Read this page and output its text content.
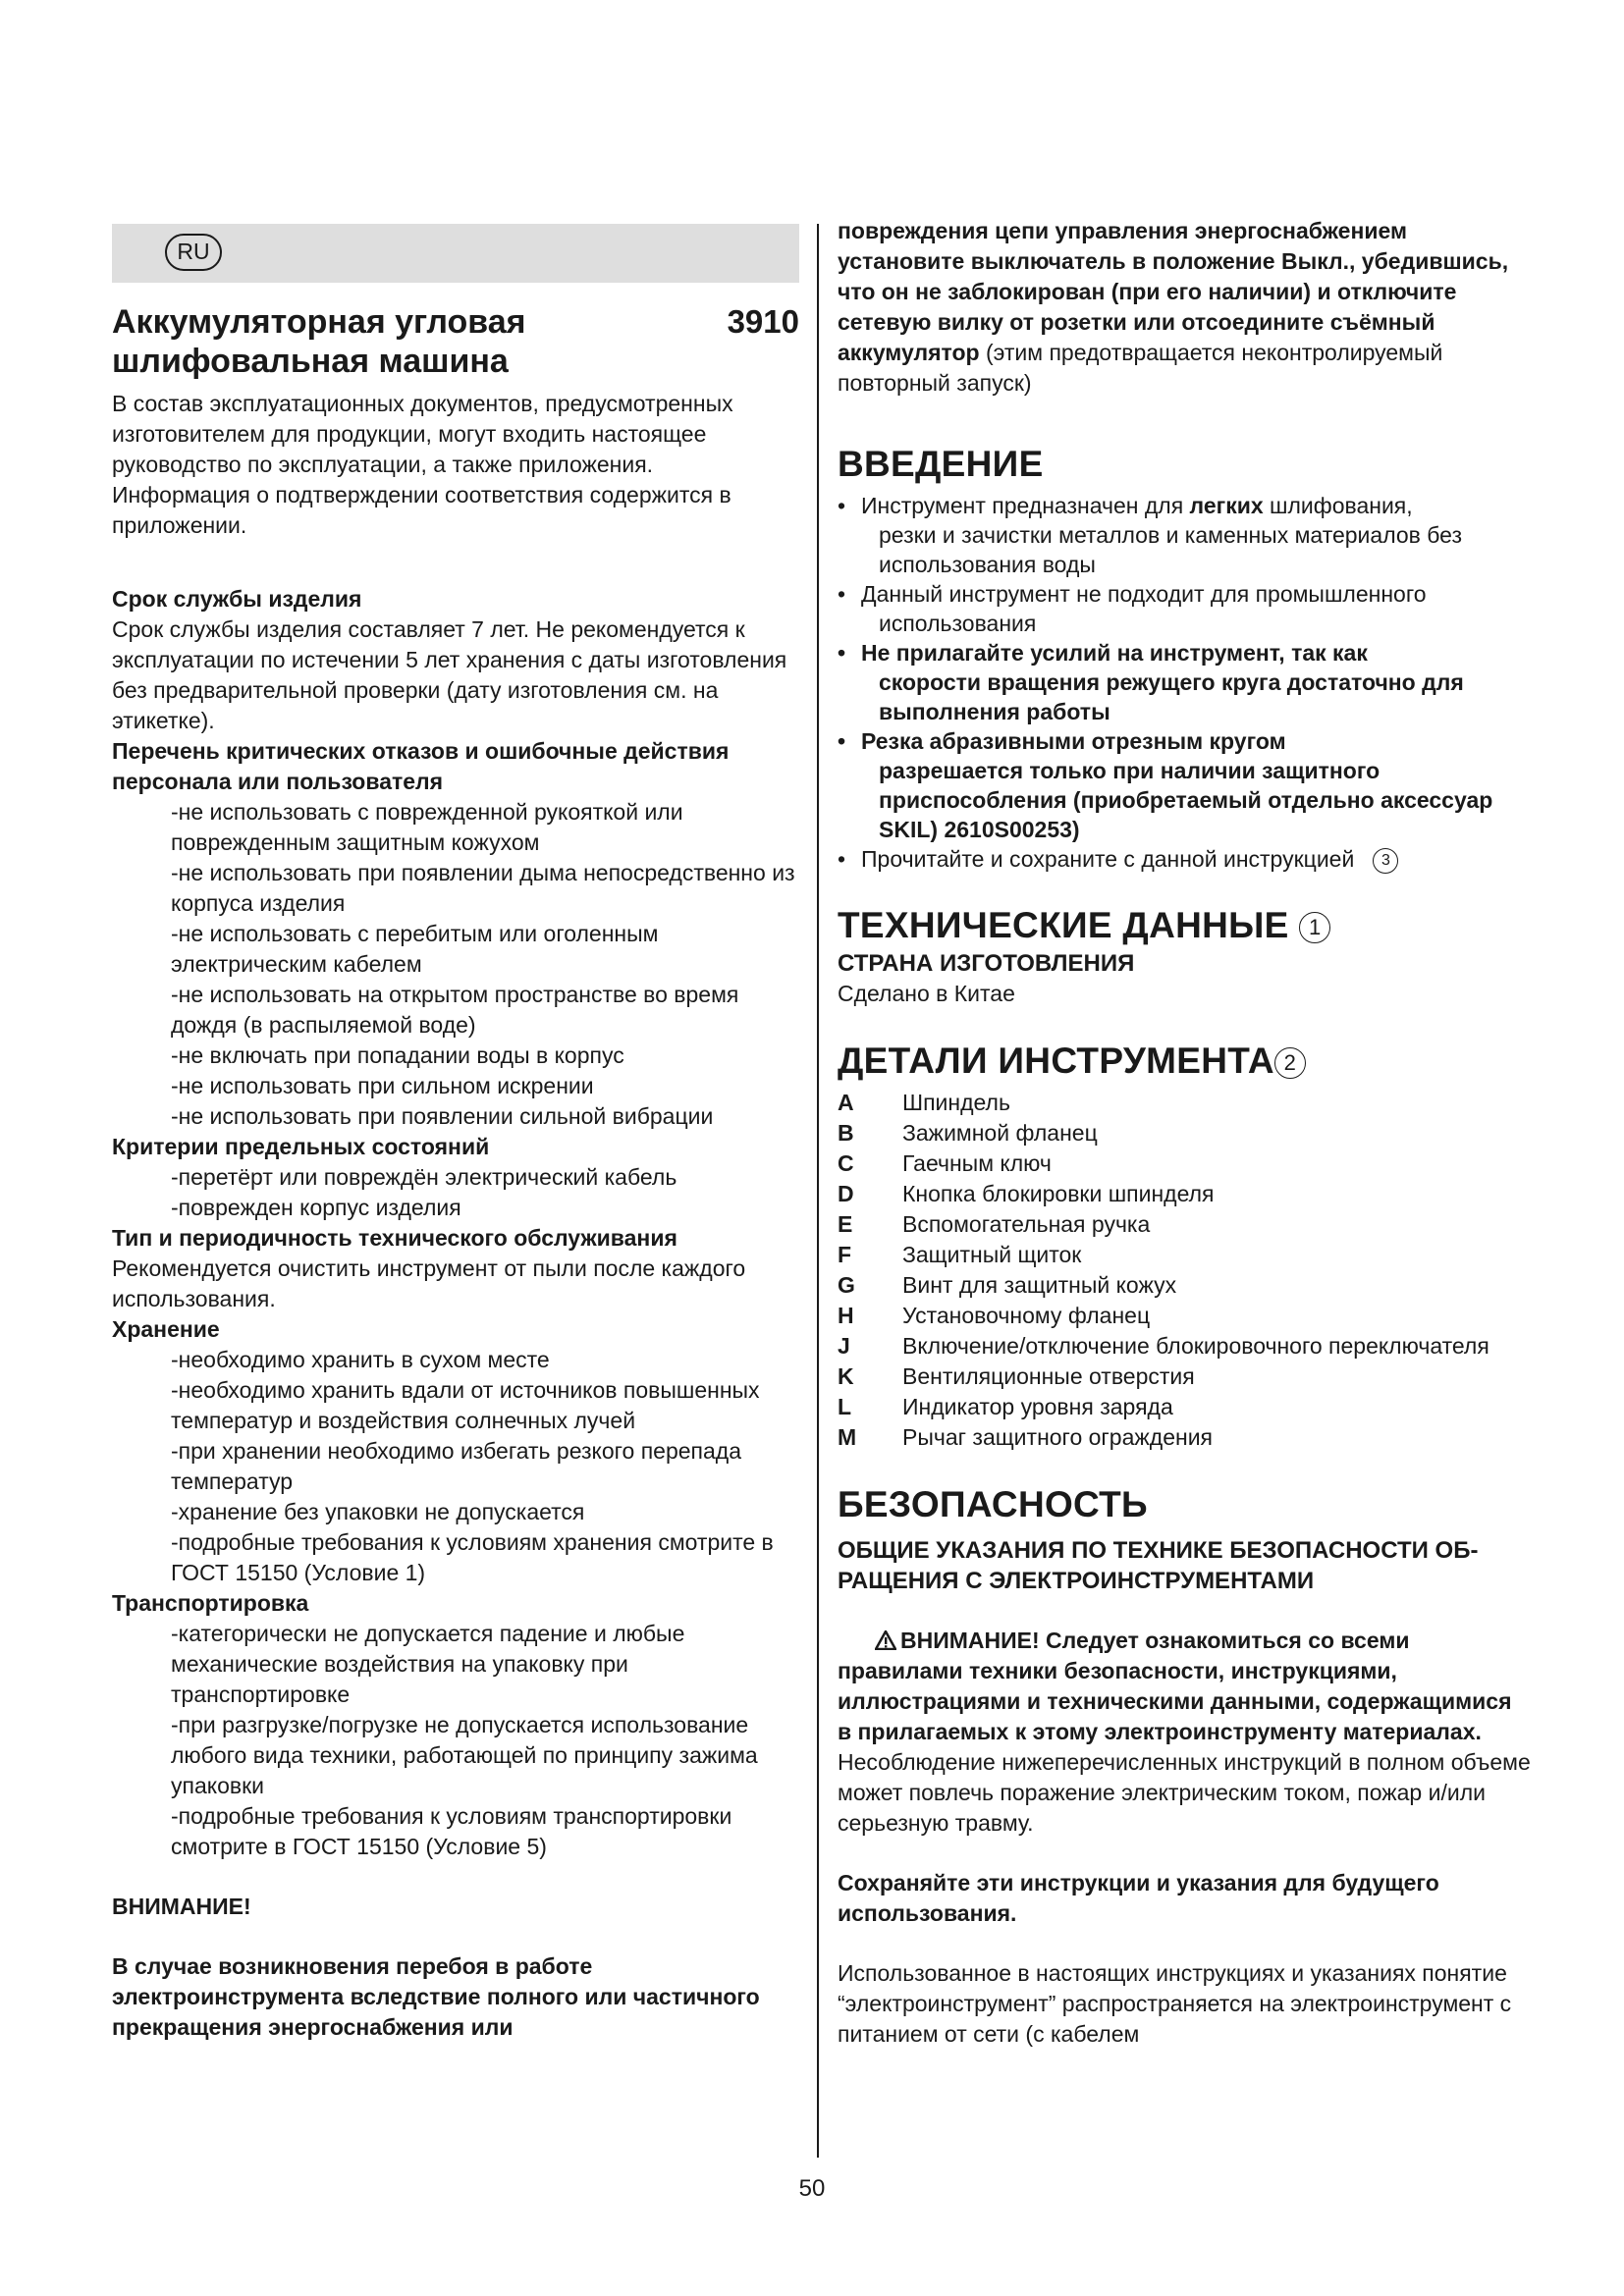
RU
Аккумуляторная угловая шлифовальная машина
3910

В состав эксплуатационных документов, предусмотренных изготовителем для продукции, могут входить настоящее руководство по эксплуатации, а также приложения.

Информация о подтверждении соответствия содержится в приложении.

Срок службы изделия

Срок службы изделия составляет 7 лет. Не рекомендуется к эксплуатации по истечении 5 лет хранения с даты изготовления без предварительной проверки (дату изготовления см. на этикетке).

Перечень критических отказов и ошибочные действия персонала или пользователя

-не использовать с поврежденной рукояткой или поврежденным защитным кожухом

-не использовать при появлении дыма непосредственно из корпуса изделия

-не использовать с перебитым или оголенным электрическим кабелем

-не использовать на открытом пространстве во время дождя (в распыляемой воде)

-не включать при попадании воды в корпус

-не использовать при сильном искрении

-не использовать при появлении сильной вибрации

Критерии предельных состояний

-перетёрт или повреждён электрический кабель

-поврежден корпус изделия

Тип и периодичность технического обслуживания

Рекомендуется очистить инструмент от пыли после каждого использования.

Хранение

-необходимо хранить в сухом месте

-необходимо хранить вдали от источников повышенных температур и воздействия солнечных лучей

-при хранении необходимо избегать резкого перепада температур

-хранение без упаковки не допускается

-подробные требования к условиям хранения смотрите в ГОСТ 15150 (Условие 1)

Транспортировка

-категорически не допускается падение и любые механические воздействия на упаковку при транспортировке

-при разгрузке/погрузке не допускается использование любого вида техники, работающей по принципу зажима упаковки

-подробные требования к условиям транспортировки смотрите в ГОСТ 15150 (Условие 5)

ВНИМАНИЕ!

В случае возникновения перебоя в работе электроинструмента вследствие полного или частичного прекращения энергоснабжения или

повреждения цепи управления энергоснабжением установите выключатель в положение Выкл., убедившись, что он не заблокирован (при его наличии) и отключите сетевую вилку от розетки или отсоедините съёмный аккумулятор (этим предотвращается неконтролируемый повторный запуск)

ВВЕДЕНИЕ
• Инструмент предназначен для легких шлифования,
резки и зачистки металлов и каменных материалов без использования воды
• Данный инструмент не подходит для промышленного
использования
• Не прилагайте усилий на инструмент, так как
скорости вращения режущего круга достаточно для выполнения работы
• Резка абразивными отрезным кругом
разрешается только при наличии защитного приспособления (приобретаемый отдельно аксессуар SKIL) 2610S00253)
• Прочитайте и сохраните с данной инструкцией 3
ТЕХНИЧЕСКИЕ ДАННЫЕ 1
СТРАНА ИЗГОТОВЛЕНИЯ

Сделано в Китае

ДЕТАЛИ ИНСТРУМЕНТА 2
A	Шпиндель
B	Зажимной фланец
C	Гаечным ключ
D	Кнопка блокировки шпинделя
E	Вспомогательная ручка
F	Защитный щиток
G	Винт для защитный кожух
H	Установочному фланец
J	Включение/отключение блокировочного переключателя
K	Вентиляционные отверстия
L	Индикатор уровня заряда
M	Рычаг защитного ограждения
БЕЗОПАСНОСТЬ
ОБЩИЕ УКАЗАНИЯ ПО ТЕХНИКЕ БЕЗОПАСНОСТИ ОБ- РАЩЕНИЯ С ЭЛЕКТРОИНСТРУМЕНТАМИ

ВНИМАНИЕ! Следует ознакомиться со всеми правилами техники безопасности, инструкциями, иллюстрациями и техническими данными, содержащимися в прилагаемых к этому электроинструменту материалах. Несоблюдение нижеперечисленных инструкций в полном объеме может повлечь поражение электрическим током, пожар и/или серьезную травму.

Сохраняйте эти инструкции и указания для будущего использования.

Использованное в настоящих инструкциях и указаниях понятие “электроинструмент” распространяется на электроинструмент с питанием от сети (с кабелем

50
